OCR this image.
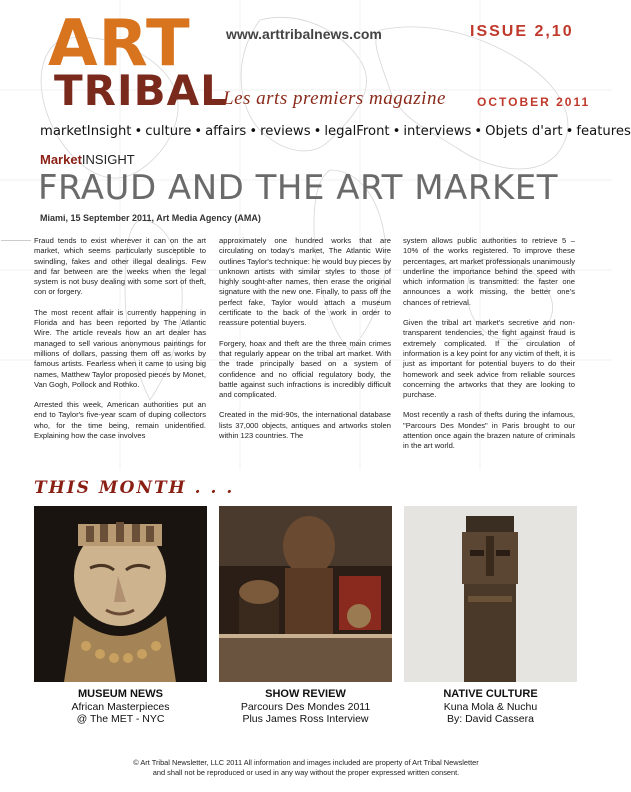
ART
TRIBAL
www.arttribalnews.com	ISSUE 2,10
Les arts premiers magazine	OCTOBER 2011
marketInsight • culture • affairs • reviews • legalFront • interviews • Objets d'art • features
MarketINSIGHT
FRAUD AND THE ART MARKET
Miami, 15 September 2011, Art Media Agency (AMA)

Fraud tends to exist wherever it can on the art market, which seems particularly susceptible to swindling, fakes and other illegal dealings. Few and far between are the weeks when the legal system is not busy dealing with some sort of theft, con or forgery.

The most recent affair is currently happening in Florida and has been reported by The Atlantic Wire. The article reveals how an art dealer has managed to sell various anonymous paintings for millions of dollars, passing them off as works by famous artists. Fearless when it came to using big names, Matthew Taylor proposed pieces by Monet, Van Gogh, Pollock and Rothko.

Arrested this week, American authorities put an end to Taylor's five-year scam of duping collectors who, for the time being, remain unidentified. Explaining how the case involves

approximately one hundred works that are circulating on today's market, The Atlantic Wire outlines Taylor's technique: he would buy pieces by unknown artists with similar styles to those of highly sought-after names, then erase the original signature with the new one. Finally, to pass off the perfect fake, Taylor would attach a museum certificate to the back of the work in order to reassure potential buyers.

Forgery, hoax and theft are the three main crimes that regularly appear on the tribal art market. With the trade principally based on a system of confidence and no official regulatory body, the battle against such infractions is incredibly difficult and complicated.

Created in the mid-90s, the international database lists 37,000 objects, antiques and artworks stolen within 123 countries. The

system allows public authorities to retrieve 5 – 10% of the works registered. To improve these percentages, art market professionals unanimously underline the importance behind the speed with which information is transmitted: the faster one announces a work missing, the better one's chances of retrieval.

Given the tribal art market's secretive and non-transparent tendencies, the fight against fraud is extremely complicated. If the circulation of information is a key point for any victim of theft, it is just as important for potential buyers to do their homework and seek advice from reliable sources concerning the artworks that they are looking to purchase.

Most recently a rash of thefts during the infamous, "Parcours Des Mondes" in Paris brought to our attention once again the brazen nature of criminals in the art world.

THIS MONTH . . .
MUSEUM NEWS
African Masterpieces
@ The MET - NYC
SHOW REVIEW
Parcours Des Mondes 2011
Plus James Ross Interview
NATIVE CULTURE
Kuna Mola & Nuchu
By: David Cassera
© Art Tribal Newsletter, LLC 2011 All information and images included are property of Art Tribal Newsletter
and shall not be reproduced or used in any way without the proper expressed written consent.
